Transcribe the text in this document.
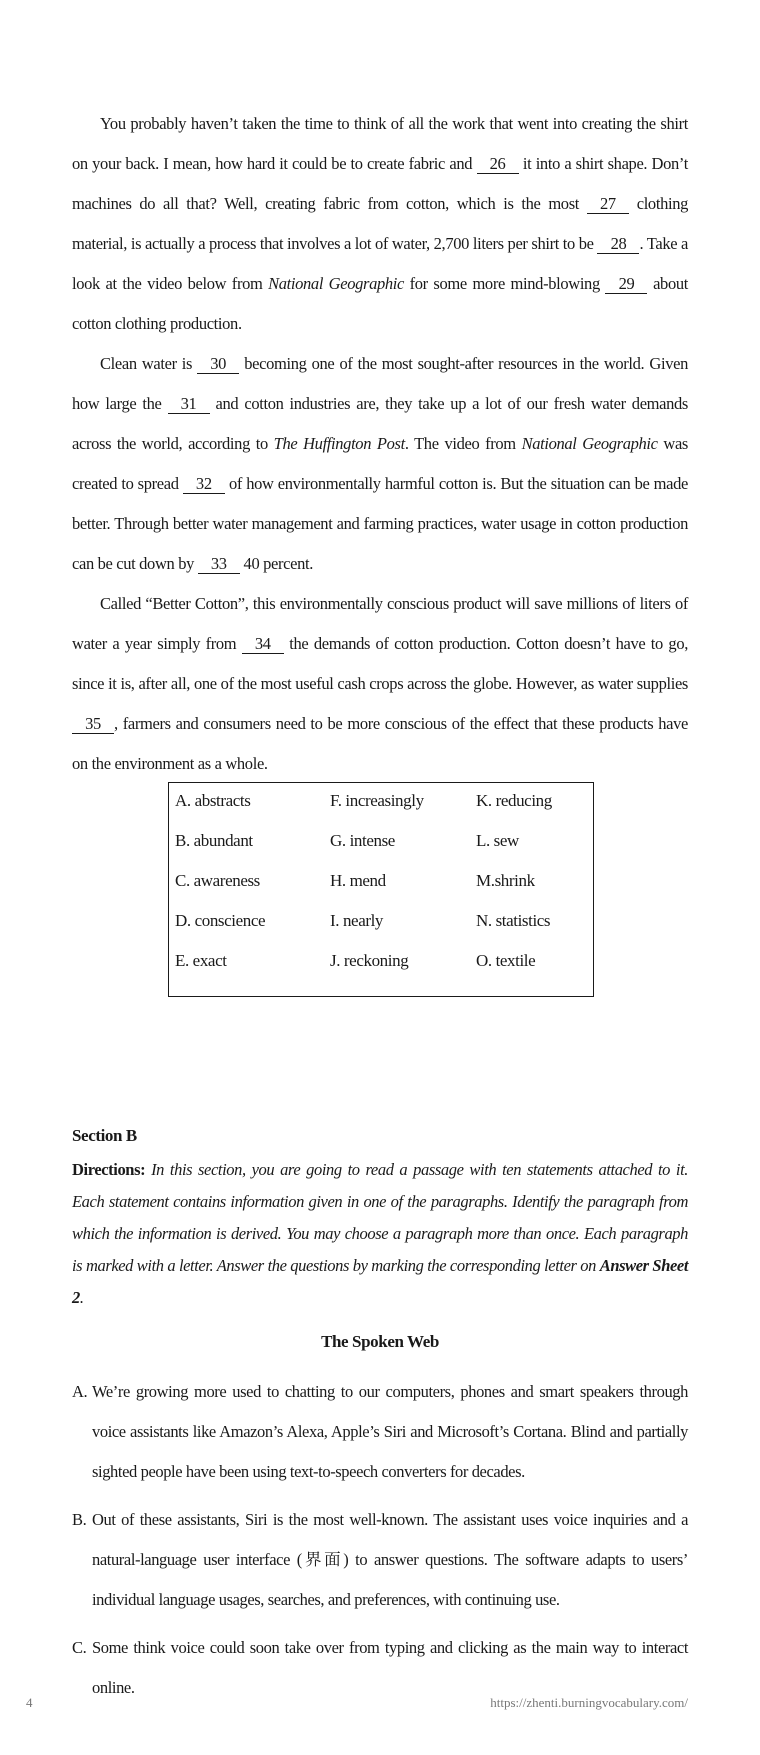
You probably haven’t taken the time to think of all the work that went into creating the shirt on your back. I mean, how hard it could be to create fabric and 26 it into a shirt shape. Don’t machines do all that? Well, creating fabric from cotton, which is the most 27 clothing material, is actually a process that involves a lot of water, 2,700 liters per shirt to be 28 . Take a look at the video below from National Geographic for some more mind-blowing 29 about cotton clothing production.

Clean water is 30 becoming one of the most sought-after resources in the world. Given how large the 31 and cotton industries are, they take up a lot of our fresh water demands across the world, according to The Huffington Post. The video from National Geographic was created to spread 32 of how environmentally harmful cotton is. But the situation can be made better. Through better water management and farming practices, water usage in cotton production can be cut down by 33 40 percent.

Called “Better Cotton”, this environmentally conscious product will save millions of liters of water a year simply from 34 the demands of cotton production. Cotton doesn’t have to go, since it is, after all, one of the most useful cash crops across the globe. However, as water supplies 35 , farmers and consumers need to be more conscious of the effect that these products have on the environment as a whole.

A. abstracts
B. abundant
C. awareness
D. conscience
E. exact
F. increasingly
G. intense
H. mend
I. nearly
J. reckoning
K. reducing
L. sew
M.shrink
N. statistics
O. textile

Section B

Directions: In this section, you are going to read a passage with ten statements attached to it. Each statement contains information given in one of the paragraphs. Identify the paragraph from which the information is derived. You may choose a paragraph more than once. Each paragraph is marked with a letter. Answer the questions by marking the corresponding letter on Answer Sheet 2.

The Spoken Web

A. We’re growing more used to chatting to our computers, phones and smart speakers through voice assistants like Amazon’s Alexa, Apple’s Siri and Microsoft’s Cortana. Blind and partially sighted people have been using text-to-speech converters for decades.

B. Out of these assistants, Siri is the most well-known. The assistant uses voice inquiries and a natural-language user interface (界面) to answer questions. The software adapts to users’ individual language usages, searches, and preferences, with continuing use.

C. Some think voice could soon take over from typing and clicking as the main way to interact online.

4	https://zhenti.burningvocabulary.com/
